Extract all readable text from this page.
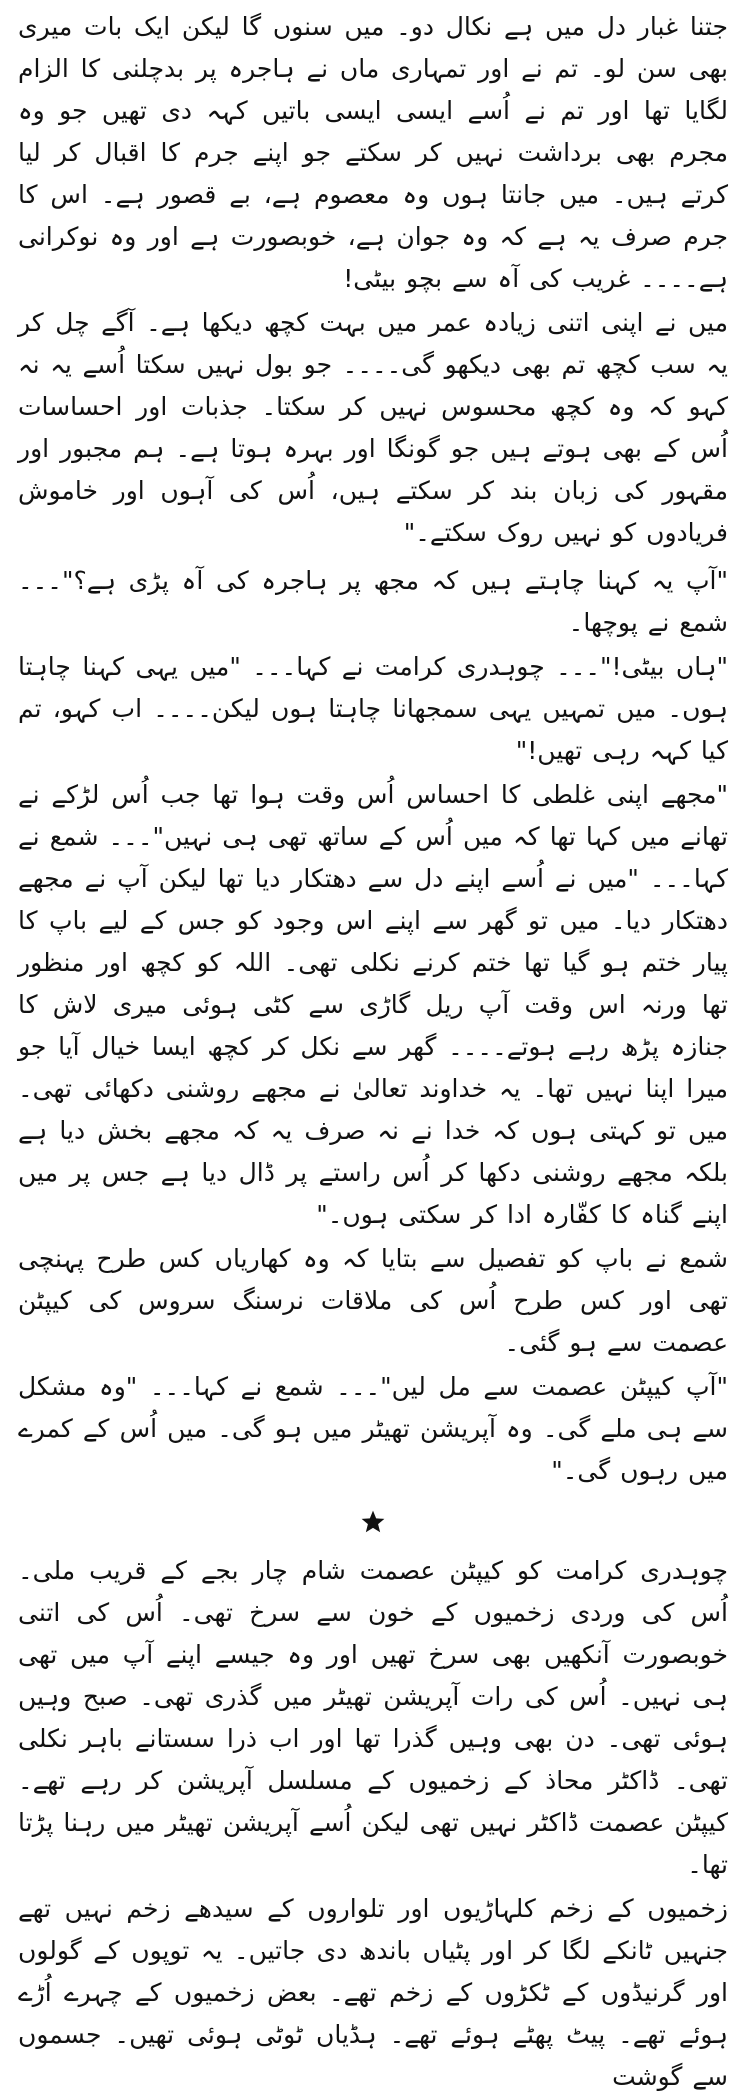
جتنا غبار دل میں ہے نکال دو۔ میں سنوں گا لیکن ایک بات میری بھی سن لو۔ تم نے اور تمہاری ماں نے ہاجرہ پر بدچلنی کا الزام لگایا تھا اور تم نے اُسے ایسی ایسی باتیں کہہ دی تھیں جو وہ مجرم بھی برداشت نہیں کر سکتے جو اپنے جرم کا اقبال کر لیا کرتے ہیں۔ میں جانتا ہوں وہ معصوم ہے، بے قصور ہے۔ اس کا جرم صرف یہ ہے کہ وہ جوان ہے، خوبصورت ہے اور وہ نوکرانی ہے۔۔۔۔ غریب کی آہ سے بچو بیٹی!

میں نے اپنی اتنی زیادہ عمر میں بہت کچھ دیکھا ہے۔ آگے چل کر یہ سب کچھ تم بھی دیکھو گی۔۔۔۔ جو بول نہیں سکتا اُسے یہ نہ کہو کہ وہ کچھ محسوس نہیں کر سکتا۔ جذبات اور احساسات اُس کے بھی ہوتے ہیں جو گونگا اور بہرہ ہوتا ہے۔ ہم مجبور اور مقہور کی زبان بند کر سکتے ہیں، اُس کی آہوں اور خاموش فریادوں کو نہیں روک سکتے۔"

"آپ یہ کہنا چاہتے ہیں کہ مجھ پر ہاجرہ کی آہ پڑی ہے؟"۔۔۔ شمع نے پوچھا۔

"ہاں بیٹی!"۔۔۔ چوہدری کرامت نے کہا۔۔۔ "میں یہی کہنا چاہتا ہوں۔ میں تمہیں یہی سمجھانا چاہتا ہوں لیکن۔۔۔۔ اب کہو، تم کیا کہہ رہی تھیں!"

"مجھے اپنی غلطی کا احساس اُس وقت ہوا تھا جب اُس لڑکے نے تھانے میں کہا تھا کہ میں اُس کے ساتھ تھی ہی نہیں"۔۔۔ شمع نے کہا۔۔۔ "میں نے اُسے اپنے دل سے دھتکار دیا تھا لیکن آپ نے مجھے دھتکار دیا۔ میں تو گھر سے اپنے اس وجود کو جس کے لیے باپ کا پیار ختم ہو گیا تھا ختم کرنے نکلی تھی۔ اللہ کو کچھ اور منظور تھا ورنہ اس وقت آپ ریل گاڑی سے کٹی ہوئی میری لاش کا جنازہ پڑھ رہے ہوتے۔۔۔۔ گھر سے نکل کر کچھ ایسا خیال آیا جو میرا اپنا نہیں تھا۔ یہ خداوند تعالیٰ نے مجھے روشنی دکھائی تھی۔ میں تو کہتی ہوں کہ خدا نے نہ صرف یہ کہ مجھے بخش دیا ہے بلکہ مجھے روشنی دکھا کر اُس راستے پر ڈال دیا ہے جس پر میں اپنے گناہ کا کفّارہ ادا کر سکتی ہوں۔"

شمع نے باپ کو تفصیل سے بتایا کہ وہ کھاریاں کس طرح پہنچی تھی اور کس طرح اُس کی ملاقات نرسنگ سروس کی کیپٹن عصمت سے ہو گئی۔

"آپ کیپٹن عصمت سے مل لیں"۔۔۔ شمع نے کہا۔۔۔ "وہ مشکل سے ہی ملے گی۔ وہ آپریشن تھیٹر میں ہو گی۔ میں اُس کے کمرے میں رہوں گی۔"

چوہدری کرامت کو کیپٹن عصمت شام چار بجے کے قریب ملی۔ اُس کی وردی زخمیوں کے خون سے سرخ تھی۔ اُس کی اتنی خوبصورت آنکھیں بھی سرخ تھیں اور وہ جیسے اپنے آپ میں تھی ہی نہیں۔ اُس کی رات آپریشن تھیٹر میں گذری تھی۔ صبح وہیں ہوئی تھی۔ دن بھی وہیں گذرا تھا اور اب ذرا سستانے باہر نکلی تھی۔ ڈاکٹر محاذ کے زخمیوں کے مسلسل آپریشن کر رہے تھے۔ کیپٹن عصمت ڈاکٹر نہیں تھی لیکن اُسے آپریشن تھیٹر میں رہنا پڑتا تھا۔

زخمیوں کے زخم کلہاڑیوں اور تلواروں کے سیدھے زخم نہیں تھے جنہیں ٹانکے لگا کر اور پٹیاں باندھ دی جاتیں۔ یہ توپوں کے گولوں اور گرنیڈوں کے ٹکڑوں کے زخم تھے۔ بعض زخمیوں کے چہرے اُڑے ہوئے تھے۔ پیٹ پھٹے ہوئے تھے۔ ہڈیاں ٹوٹی ہوئی تھیں۔ جسموں سے گوشت
